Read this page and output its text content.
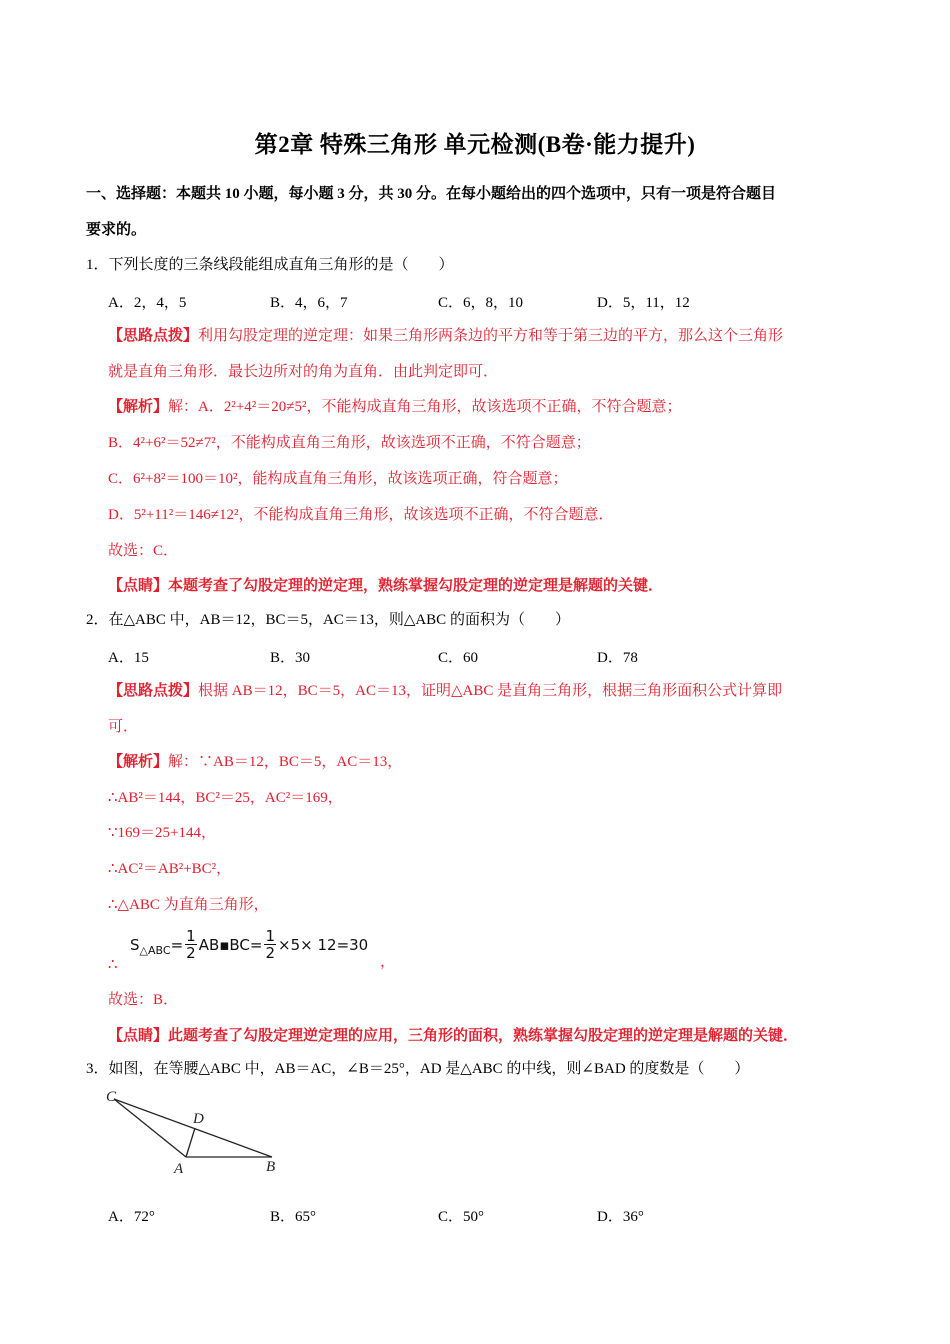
第2章 特殊三角形 单元检测(B卷·能力提升)
一、选择题：本题共 10 小题，每小题 3 分，共 30 分。在每小题给出的四个选项中，只有一项是符合题目
要求的。
1．下列长度的三条线段能组成直角三角形的是（　　）
A．2，4，5	B．4，6，7	C．6，8，10	D．5，11，12
【思路点拨】利用勾股定理的逆定理：如果三角形两条边的平方和等于第三边的平方，那么这个三角形
就是直角三角形．最长边所对的角为直角．由此判定即可．
【解析】解：A．2²+4²＝20≠5²，不能构成直角三角形，故该选项不正确，不符合题意；
B．4²+6²＝52≠7²，不能构成直角三角形，故该选项不正确，不符合题意；
C．6²+8²＝100＝10²，能构成直角三角形，故该选项正确，符合题意；
D．5²+11²＝146≠12²，不能构成直角三角形，故该选项不正确，不符合题意．
故选：C．
【点睛】本题考查了勾股定理的逆定理，熟练掌握勾股定理的逆定理是解题的关键．
2．在△ABC 中，AB＝12，BC＝5，AC＝13，则△ABC 的面积为（　　）
A．15	B．30	C．60	D．78
【思路点拨】根据 AB＝12，BC＝5，AC＝13，证明△ABC 是直角三角形，根据三角形面积公式计算即
可．
【解析】解：∵AB＝12，BC＝5，AC＝13，
∴AB²＝144，BC²＝25，AC²＝169，
∵169＝25+144，
∴AC²＝AB²+BC²，
∴△ABC 为直角三角形，
∴
S △ABC = $\frac{1}{2}$ AB▪BC= $\frac{1}{2} \times 5\times 12=30$
，
故选：B．
【点睛】此题考查了勾股定理逆定理的应用，三角形的面积，熟练掌握勾股定理的逆定理是解题的关键．
3．如图，在等腰△ABC 中，AB＝AC，∠B＝25°，AD 是△ABC 的中线，则∠BAD 的度数是（　　）
C
D
A	B
A．72°	B．65°	C．50°	D．36°
